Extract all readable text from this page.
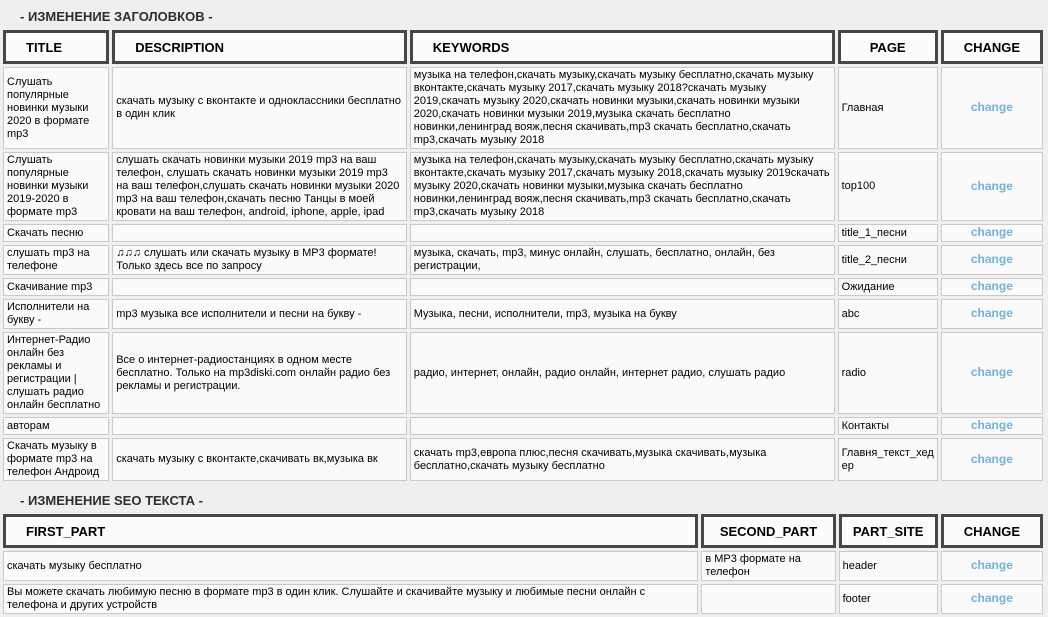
- ИЗМЕНЕНИЕ ЗАГОЛОВКОВ -
TITLE	DESCRIPTION	KEYWORDS	PAGE	CHANGE
Слушать популярные новинки музыки 2020 в формате mp3	скачать музыку с вконтакте и одноклассники бесплатно в один клик	музыка на телефон,скачать музыку,скачать музыку бесплатно,скачать музыку вконтакте,скачать музыку 2017,скачать музыку 2018?скачать музыку 2019,скачать музыку 2020,скачать новинки музыки,скачать новинки музыки 2020,скачать новинки музыки 2019,музыка скачать бесплатно новинки,ленинград вояж,песня скачивать,mp3 скачать бесплатно,скачать mp3,скачать музыку 2018	Главная	change
Слушать популярные новинки музыки 2019-2020 в формате mp3	слушать скачать новинки музыки 2019 mp3 на ваш телефон, слушать скачать новинки музыки 2019 mp3 на ваш телефон,слушать скачать новинки музыки 2020 mp3 на ваш телефон,скачать песню Танцы в моей кровати на ваш телефон, android, iphone, apple, ipad	музыка на телефон,скачать музыку,скачать музыку бесплатно,скачать музыку вконтакте,скачать музыку 2017,скачать музыку 2018,скачать музыку 2019скачать музыку 2020,скачать новинки музыки,музыка скачать бесплатно новинки,ленинград вояж,песня скачивать,mp3 скачать бесплатно,скачать mp3,скачать музыку 2018	top100	change
Скачать песню			title_1_песни	change
слушать mp3 на телефоне	♫♫♫ слушать или скачать музыку в MP3 формате! Только здесь все по запросу	музыка, скачать, mp3, минус онлайн, слушать, бесплатно, онлайн, без регистрации,	title_2_песни	change
Скачивание mp3			Ожидание	change
Исполнители на букву -	mp3 музыка все исполнители и песни на букву -	Музыка, песни, исполнители, mp3, музыка на букву	abc	change
Интернет-Радио онлайн без рекламы и регистрации | слушать радио онлайн бесплатно	Все о интернет-радиостанциях в одном месте бесплатно. Только на mp3diski.com онлайн радио без рекламы и регистрации.	радио, интернет, онлайн, радио онлайн, интернет радио, слушать радио	radio	change
авторам			Контакты	change
Скачать музыку в формате mp3 на телефон Андроид	скачать музыку с вконтакте,скачивать вк,музыка вк	скачать mp3,европа плюс,песня скачивать,музыка скачивать,музыка бесплатно,скачать музыку бесплатно	Главня_текст_хедер	change
- ИЗМЕНЕНИЕ SEO ТЕКСТА -
FIRST_PART	SECOND_PART	PART_SITE	CHANGE
скачать музыку бесплатно	в MP3 формате на телефон	header	change
Вы можете скачать любимую песню в формате mp3 в один клик. Слушайте и скачивайте музыку и любимые песни онлайн с телефона и других устройств		footer	change
